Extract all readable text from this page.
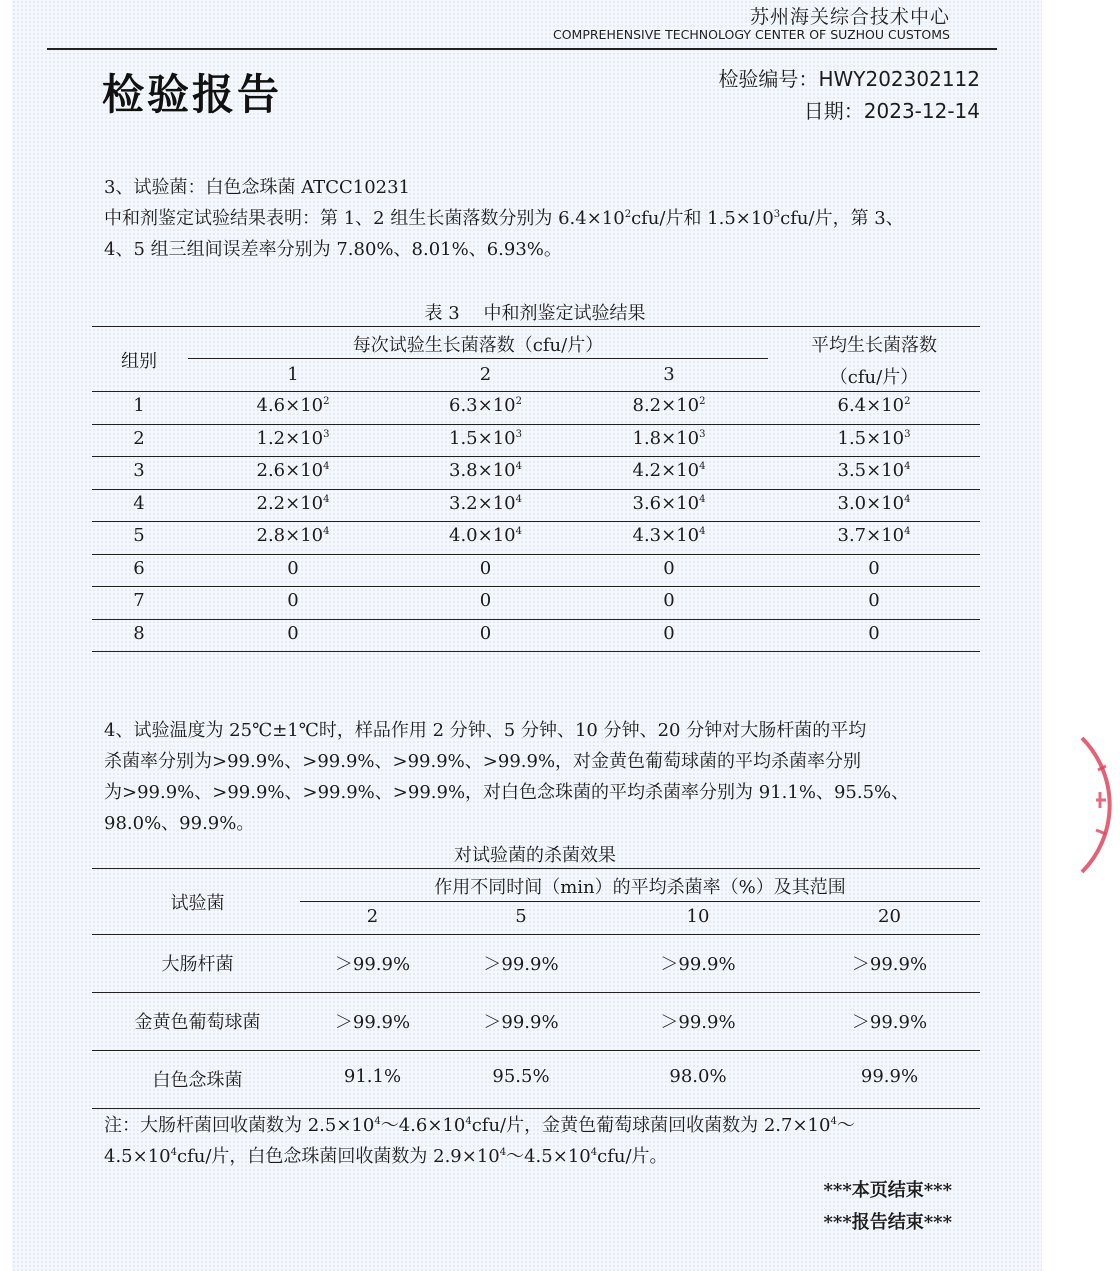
苏州海关综合技术中心
COMPREHENSIVE TECHNOLOGY CENTER OF SUZHOU CUSTOMS
检验报告	检验编号：HWY202302112
日期：2023-12-14
3、试验菌：白色念珠菌 ATCC10231
中和剂鉴定试验结果表明：第 1、2 组生长菌落数分别为 $6.4\times 10^2cfu/$片和 $1.5\times 10^3cfu/$片，第 3、
4、5 组三组间误差率分别为 7.80%、8.01%、6.93%。
表 3　 中和剂鉴定试验结果
组别
每次试验生长菌落数（cfu/片）	平均生长菌落数
（cfu/片）
1	2	3
1	$4.6\times 10^2$	$6.3\times 10^2$	$8.2\times 10^2$	$6.4\times 10^2$
2	$1.2\times 10^3$	$1.5\times 10^3$	$1.8\times 10^3$	$1.5\times 10^3$
3	$2.6\times 10^4$	$3.8\times 10^4$	$4.2\times 10^4$	$3.5\times 10^4$
4	$2.2\times 10^4$	$3.2\times 10^4$	$3.6\times 10^4$	$3.0\times 10^4$
5	$2.8\times 10^4$	$4.0\times 10^4$	$4.3\times 10^4$	$3.7\times 10^4$
6	0	0	0	0
7	0	0	0	0
8	0	0	0	0
4、试验温度为 25℃±1℃时，样品作用 2 分钟、5 分钟、10 分钟、20 分钟对大肠杆菌的平均
杀菌率分别为>99.9%、>99.9%、>99.9%、>99.9%，对金黄色葡萄球菌的平均杀菌率分别
为>99.9%、>99.9%、>99.9%、>99.9%，对白色念珠菌的平均杀菌率分别为 91.1%、95.5%、
98.0%、99.9%。
对试验菌的杀菌效果
试验菌
作用不同时间（min）的平均杀菌率（%）及其范围
2	5	10	20
大肠杆菌	＞99.9%	＞99.9%	＞99.9%	＞99.9%
金黄色葡萄球菌	＞99.9%	＞99.9%	＞99.9%	＞99.9%
白色念珠菌	91.1%	95.5%	98.0%	99.9%
注：大肠杆菌回收菌数为 $2.5\times 10^4\sim 4.6\times 10^4cfu/$片，金黄色葡萄球菌回收菌数为 $2.7\times 10^4\sim$
$4.5\times 10^4cfu/$片，白色念珠菌回收菌数为 $2.9\times 10^4\sim 4.5\times 10^4cfu/$片。
***本页结束***
***报告结束***
